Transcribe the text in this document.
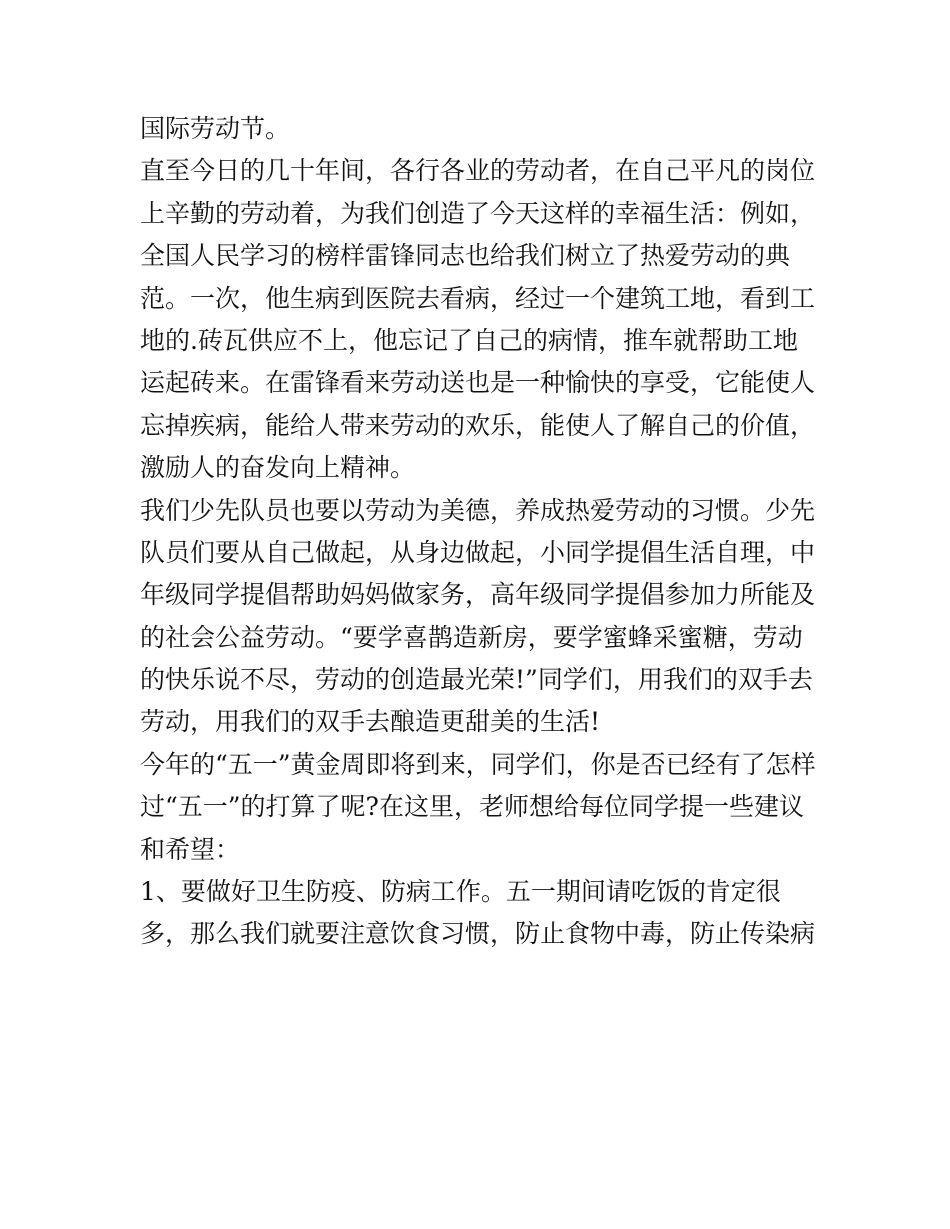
国际劳动节。
直至今日的几十年间，各行各业的劳动者，在自己平凡的岗位
上辛勤的劳动着，为我们创造了今天这样的幸福生活：例如，
全国人民学习的榜样雷锋同志也给我们树立了热爱劳动的典
范。一次，他生病到医院去看病，经过一个建筑工地，看到工
地的.砖瓦供应不上，他忘记了自己的病情，推车就帮助工地
运起砖来。在雷锋看来劳动送也是一种愉快的享受，它能使人
忘掉疾病，能给人带来劳动的欢乐，能使人了解自己的价值，
激励人的奋发向上精神。
我们少先队员也要以劳动为美德，养成热爱劳动的习惯。少先
队员们要从自己做起，从身边做起，小同学提倡生活自理，中
年级同学提倡帮助妈妈做家务，高年级同学提倡参加力所能及
的社会公益劳动。“要学喜鹊造新房，要学蜜蜂采蜜糖，劳动
的快乐说不尽，劳动的创造最光荣!”同学们，用我们的双手去
劳动，用我们的双手去酿造更甜美的生活!
今年的“五一”黄金周即将到来，同学们，你是否已经有了怎样
过“五一”的打算了呢?在这里，老师想给每位同学提一些建议
和希望：
1、要做好卫生防疫、防病工作。五一期间请吃饭的肯定很
多，那么我们就要注意饮食习惯，防止食物中毒，防止传染病
